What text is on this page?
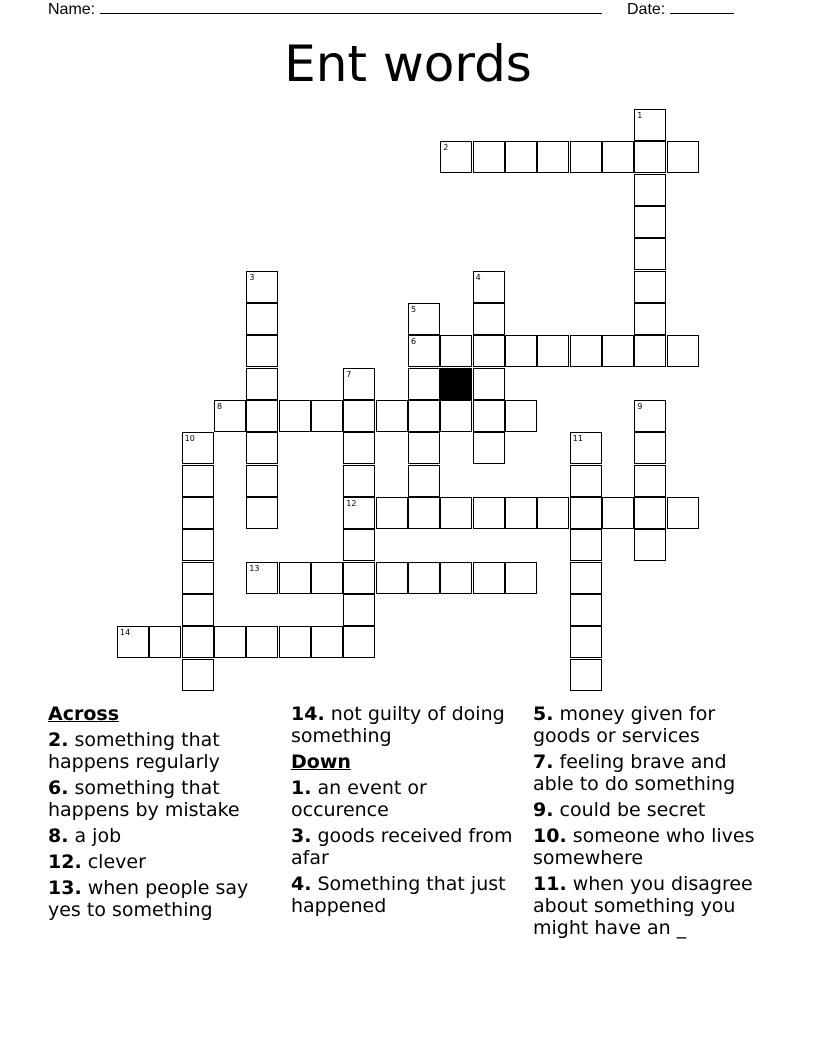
Name:	Date:
Ent words
2
6
8
12
13
14
1
3	4
5
7
9
10	11
Across
2. something that happens regularly
6. something that happens by mistake
8. a job
12. clever
13. when people say yes to something
14. not guilty of doing something
Down
1. an event or occurence
3. goods received from afar
4. Something that just happened
5. money given for goods or services
7. feeling brave and able to do something
9. could be secret
10. someone who lives somewhere
11. when you disagree about something you might have an _
